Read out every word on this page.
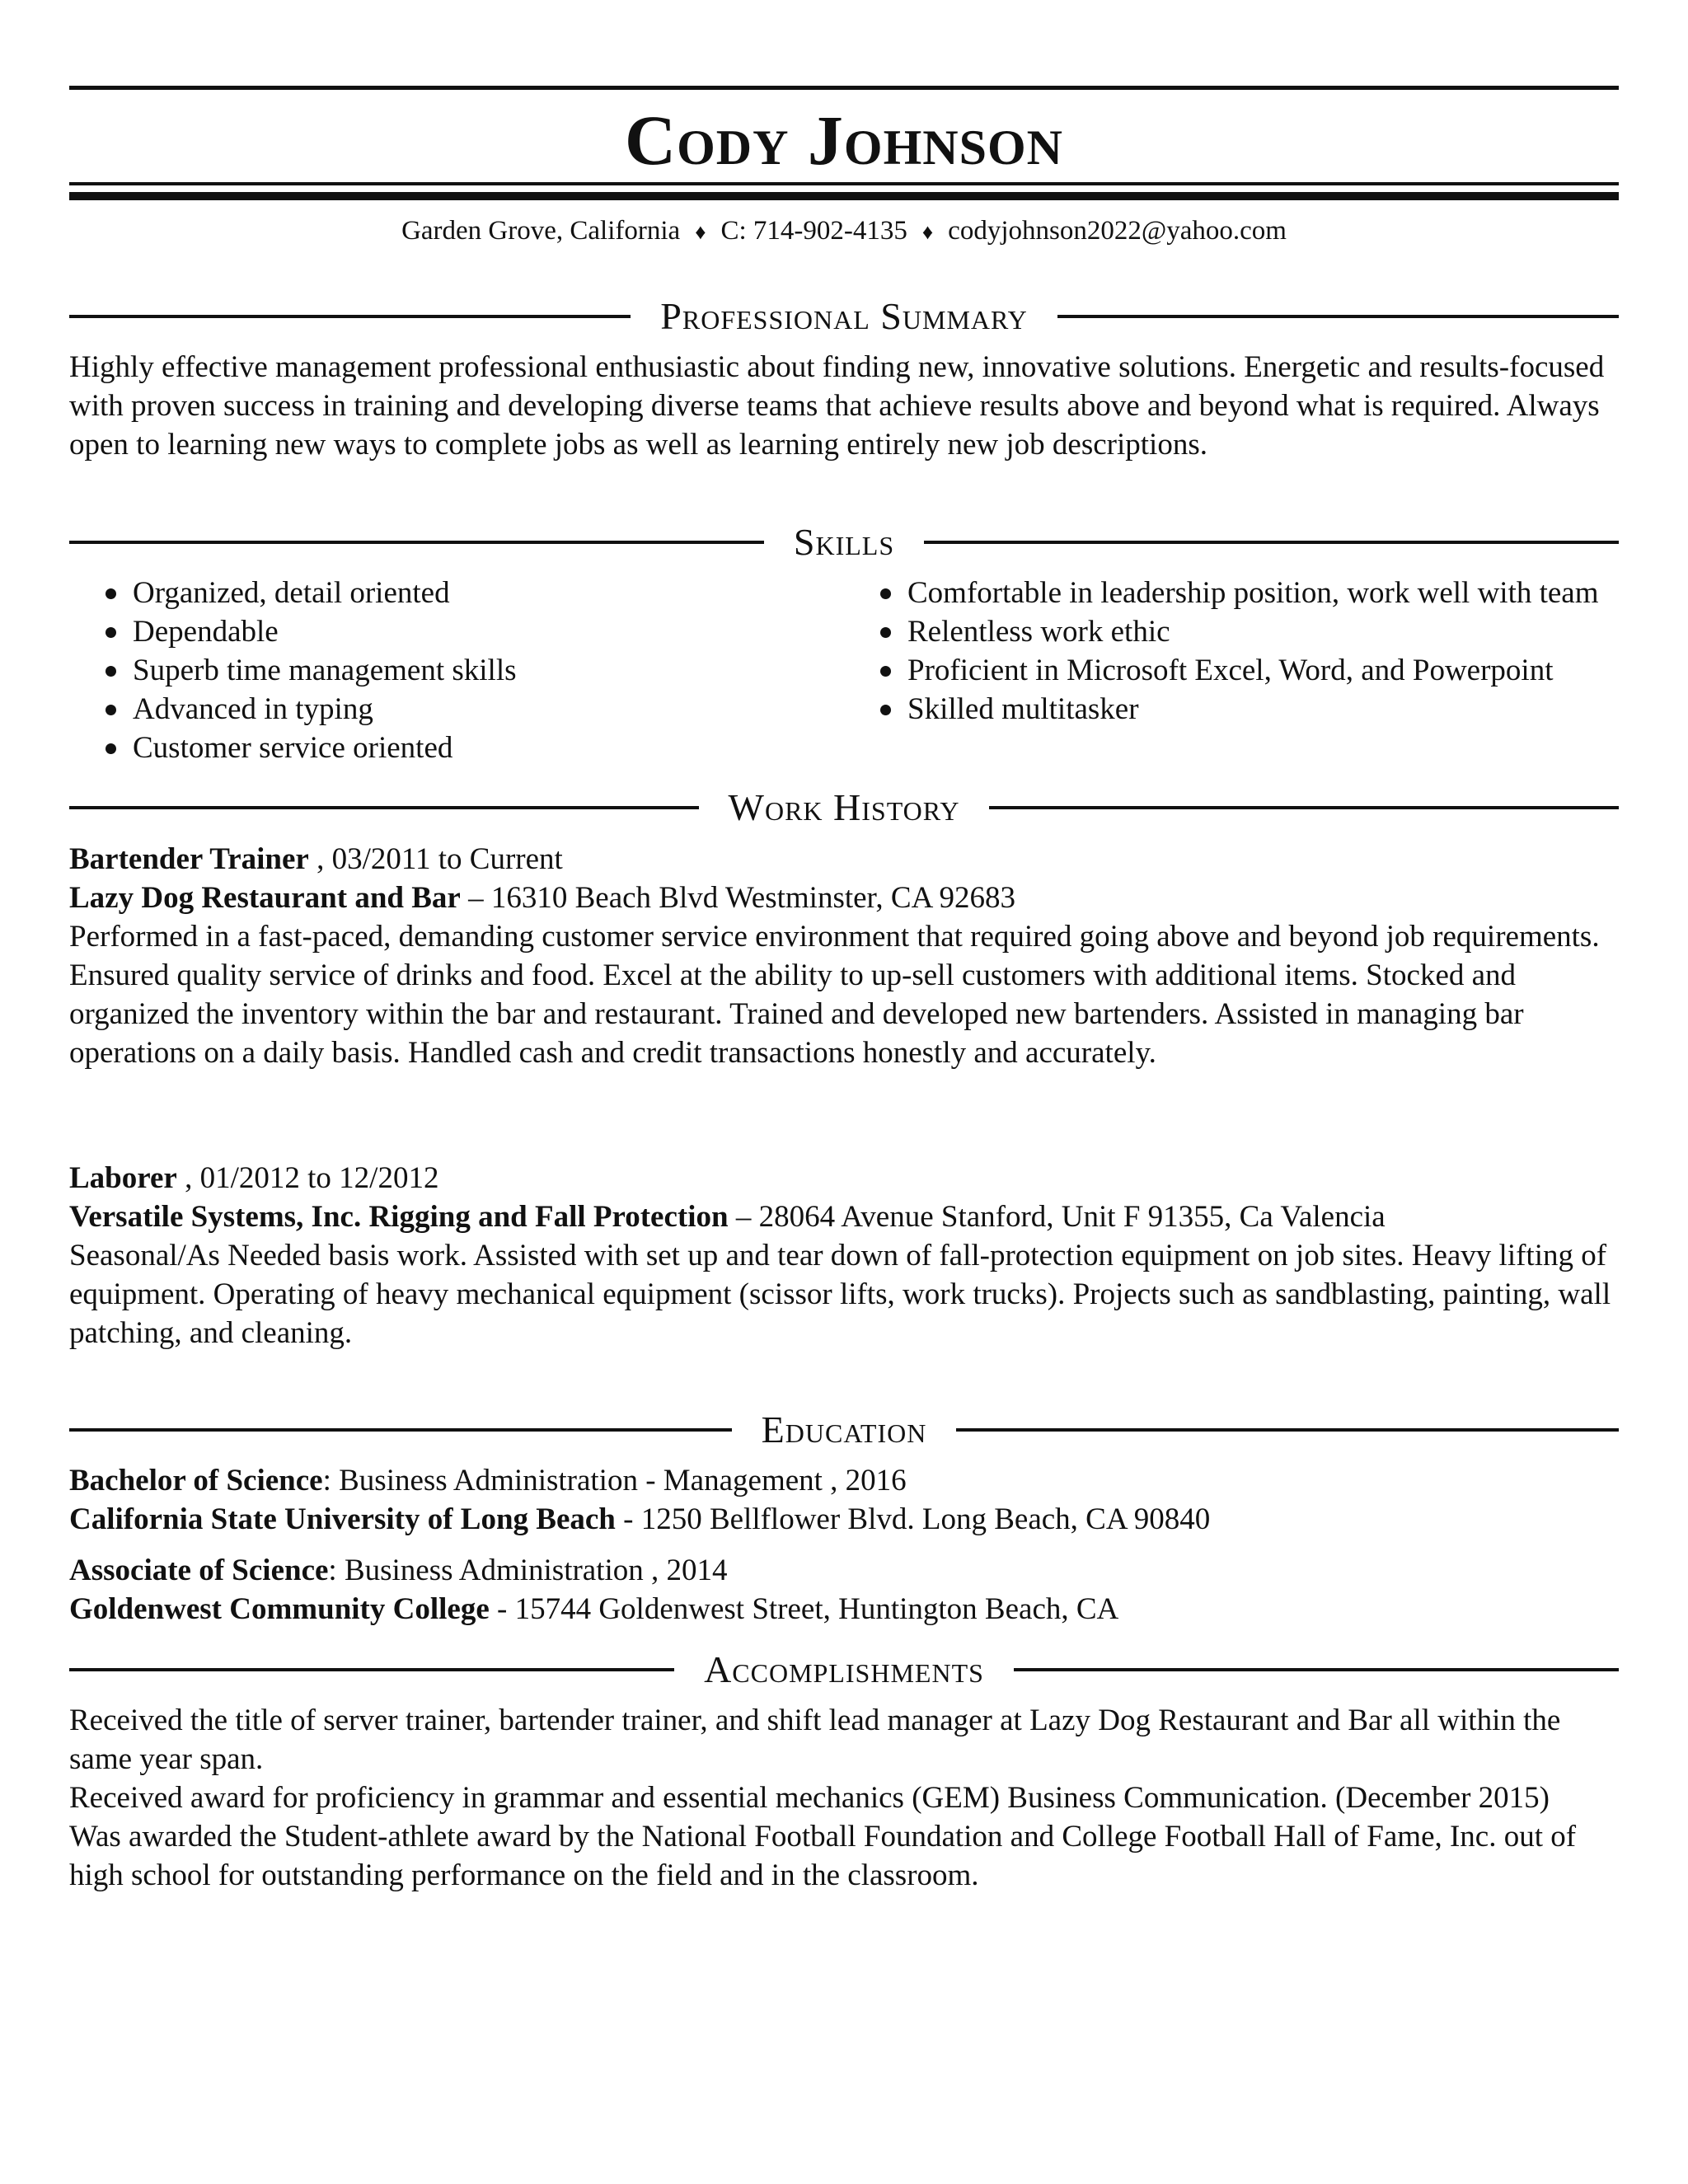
Cody Johnson
Garden Grove, California ♦ C: 714-902-4135 ♦ codyjohnson2022@yahoo.com
Professional Summary

Highly effective management professional enthusiastic about finding new, innovative solutions. Energetic and results-focused with proven success in training and developing diverse teams that achieve results above and beyond what is required. Always open to learning new ways to complete jobs as well as learning entirely new job descriptions.

Skills
Organized, detail oriented
Dependable
Superb time management skills
Advanced in typing
Customer service oriented
Comfortable in leadership position, work well with team
Relentless work ethic
Proficient in Microsoft Excel, Word, and Powerpoint
Skilled multitasker
Work History
Bartender Trainer , 03/2011 to Current
Lazy Dog Restaurant and Bar – 16310 Beach Blvd Westminster, CA 92683

Performed in a fast-paced, demanding customer service environment that required going above and beyond job requirements. Ensured quality service of drinks and food. Excel at the ability to up-sell customers with additional items. Stocked and organized the inventory within the bar and restaurant. Trained and developed new bartenders. Assisted in managing bar operations on a daily basis. Handled cash and credit transactions honestly and accurately.

Laborer , 01/2012 to 12/2012
Versatile Systems, Inc. Rigging and Fall Protection – 28064 Avenue Stanford, Unit F 91355, Ca Valencia

Seasonal/As Needed basis work. Assisted with set up and tear down of fall-protection equipment on job sites. Heavy lifting of equipment. Operating of heavy mechanical equipment (scissor lifts, work trucks). Projects such as sandblasting, painting, wall patching, and cleaning.

Education
Bachelor of Science: Business Administration - Management , 2016
California State University of Long Beach - 1250 Bellflower Blvd. Long Beach, CA 90840
Associate of Science: Business Administration , 2014
Goldenwest Community College - 15744 Goldenwest Street, Huntington Beach, CA
Accomplishments

Received the title of server trainer, bartender trainer, and shift lead manager at Lazy Dog Restaurant and Bar all within the same year span.

Received award for proficiency in grammar and essential mechanics (GEM) Business Communication. (December 2015)

Was awarded the Student-athlete award by the National Football Foundation and College Football Hall of Fame, Inc. out of high school for outstanding performance on the field and in the classroom.
